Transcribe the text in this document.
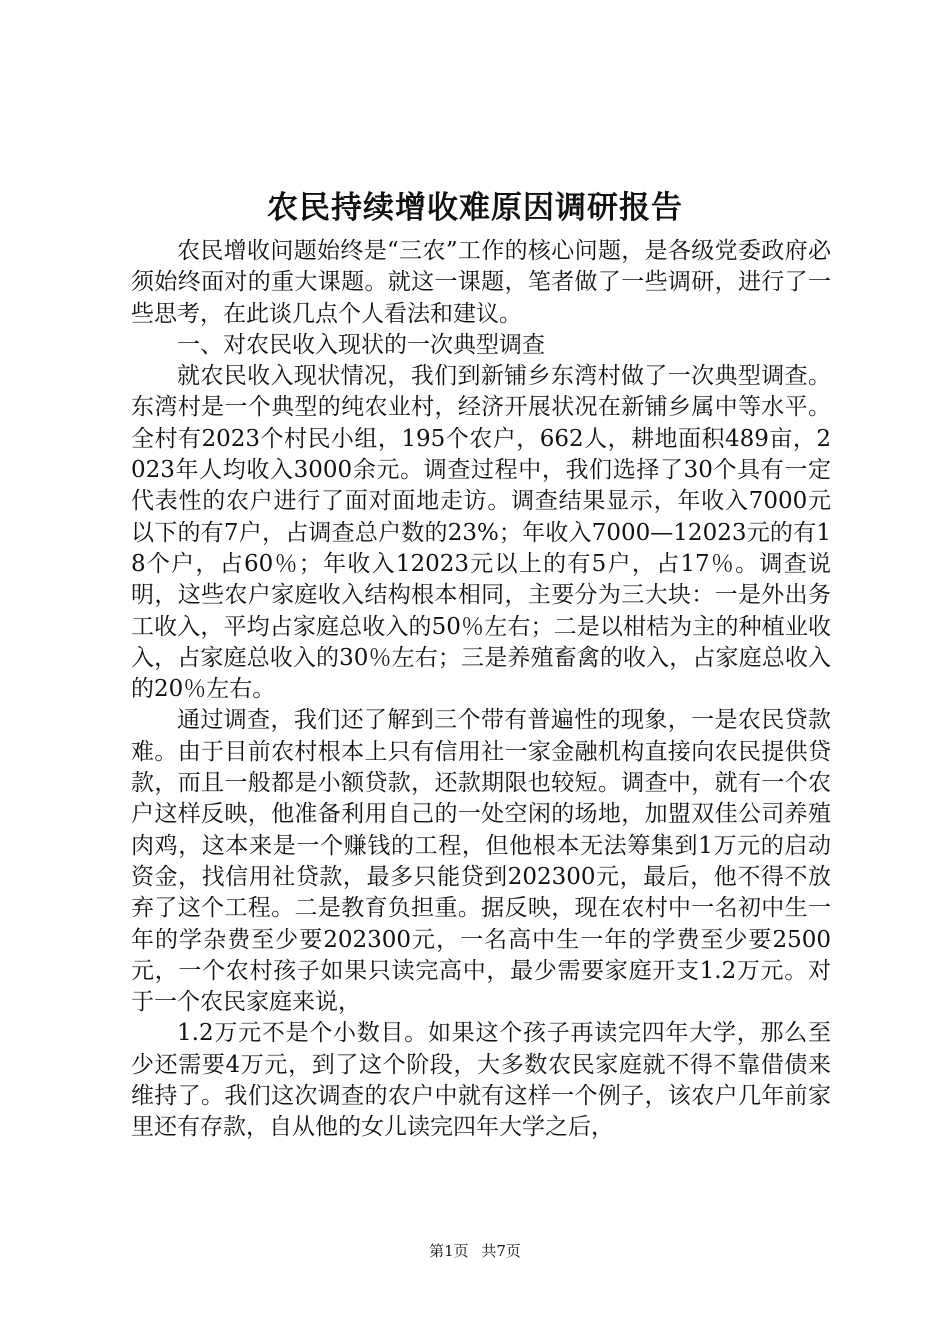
农民持续增收难原因调研报告

农民增收问题始终是“三农”工作的核心问题，是各级党委政府必须始终面对的重大课题。就这一课题，笔者做了一些调研，进行了一些思考，在此谈几点个人看法和建议。

一、对农民收入现状的一次典型调查

就农民收入现状情况，我们到新铺乡东湾村做了一次典型调查。东湾村是一个典型的纯农业村，经济开展状况在新铺乡属中等水平。全村有2023个村民小组，195个农户，662人，耕地面积489亩，2023年人均收入3000余元。调查过程中，我们选择了30个具有一定代表性的农户进行了面对面地走访。调查结果显示，年收入7000元以下的有7户，占调查总户数的23%；年收入7000—12023元的有18个户，占60％；年收入12023元以上的有5户，占17％。调查说明，这些农户家庭收入结构根本相同，主要分为三大块：一是外出务工收入，平均占家庭总收入的50％左右；二是以柑桔为主的种植业收入，占家庭总收入的30％左右；三是养殖畜禽的收入，占家庭总收入的20％左右。

通过调查，我们还了解到三个带有普遍性的现象，一是农民贷款难。由于目前农村根本上只有信用社一家金融机构直接向农民提供贷款，而且一般都是小额贷款，还款期限也较短。调查中，就有一个农户这样反映，他准备利用自己的一处空闲的场地，加盟双佳公司养殖肉鸡，这本来是一个赚钱的工程，但他根本无法筹集到1万元的启动资金，找信用社贷款，最多只能贷到202300元，最后，他不得不放弃了这个工程。二是教育负担重。据反映，现在农村中一名初中生一年的学杂费至少要202300元，一名高中生一年的学费至少要2500元，一个农村孩子如果只读完高中，最少需要家庭开支1.2万元。对于一个农民家庭来说，

1.2万元不是个小数目。如果这个孩子再读完四年大学，那么至少还需要4万元，到了这个阶段，大多数农民家庭就不得不靠借债来维持了。我们这次调查的农户中就有这样一个例子，该农户几年前家里还有存款，自从他的女儿读完四年大学之后，

第1页 共7页
